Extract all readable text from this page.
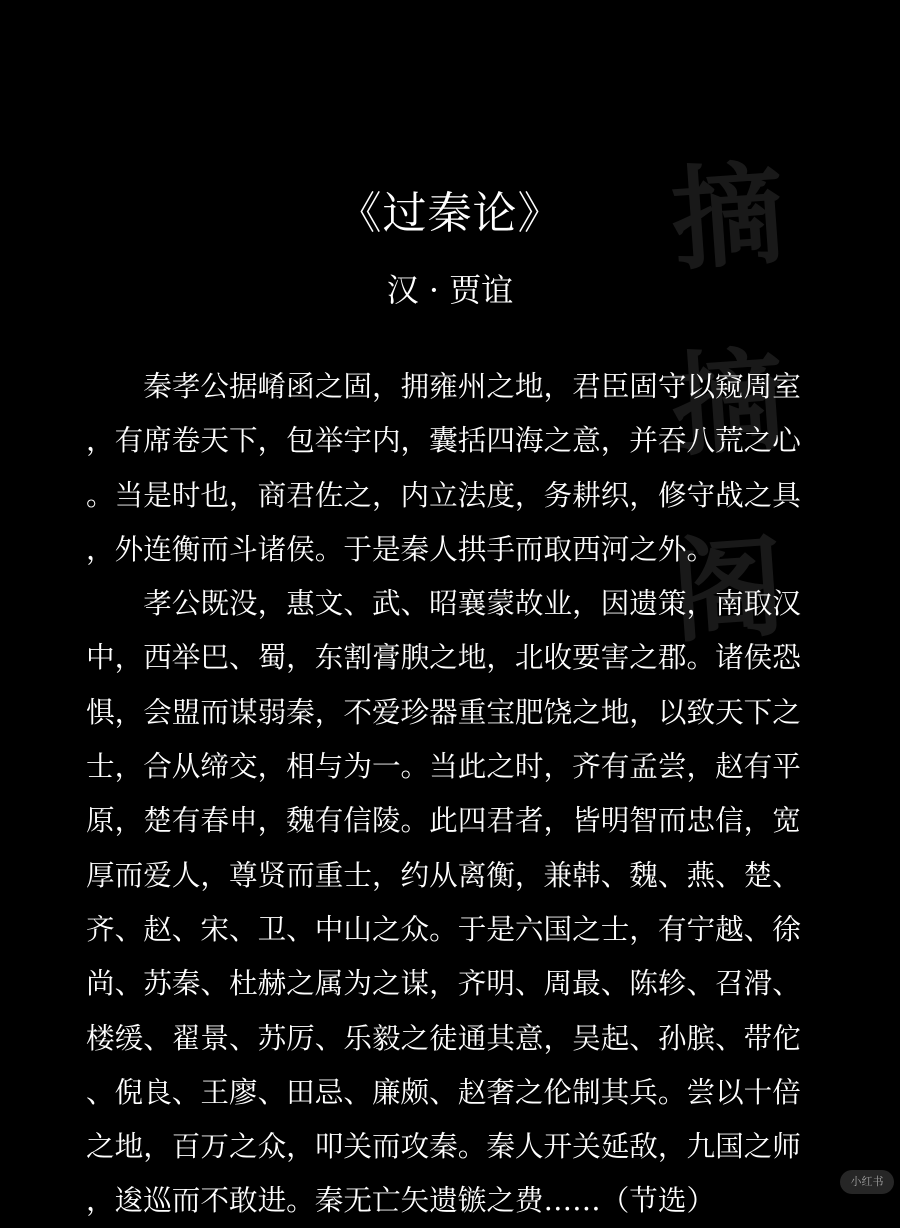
摘
摘
阁
《过秦论》
汉 · 贾谊

秦孝公据崤函之固，拥雍州之地，君臣固守以窥周室，有席卷天下，包举宇内，囊括四海之意，并吞八荒之心。当是时也，商君佐之，内立法度，务耕织，修守战之具，外连衡而斗诸侯。于是秦人拱手而取西河之外。

孝公既没，惠文、武、昭襄蒙故业，因遗策，南取汉中，西举巴、蜀，东割膏腴之地，北收要害之郡。诸侯恐惧，会盟而谋弱秦，不爱珍器重宝肥饶之地，以致天下之士，合从缔交，相与为一。当此之时，齐有孟尝，赵有平原，楚有春申，魏有信陵。此四君者，皆明智而忠信，宽厚而爱人，尊贤而重士，约从离衡，兼韩、魏、燕、楚、齐、赵、宋、卫、中山之众。于是六国之士，有宁越、徐尚、苏秦、杜赫之属为之谋，齐明、周最、陈轸、召滑、楼缓、翟景、苏厉、乐毅之徒通其意，吴起、孙膑、带佗、倪良、王廖、田忌、廉颇、赵奢之伦制其兵。尝以十倍之地，百万之众，叩关而攻秦。秦人开关延敌，九国之师，逡巡而不敢进。秦无亡矢遗镞之费……（节选）

小红书
